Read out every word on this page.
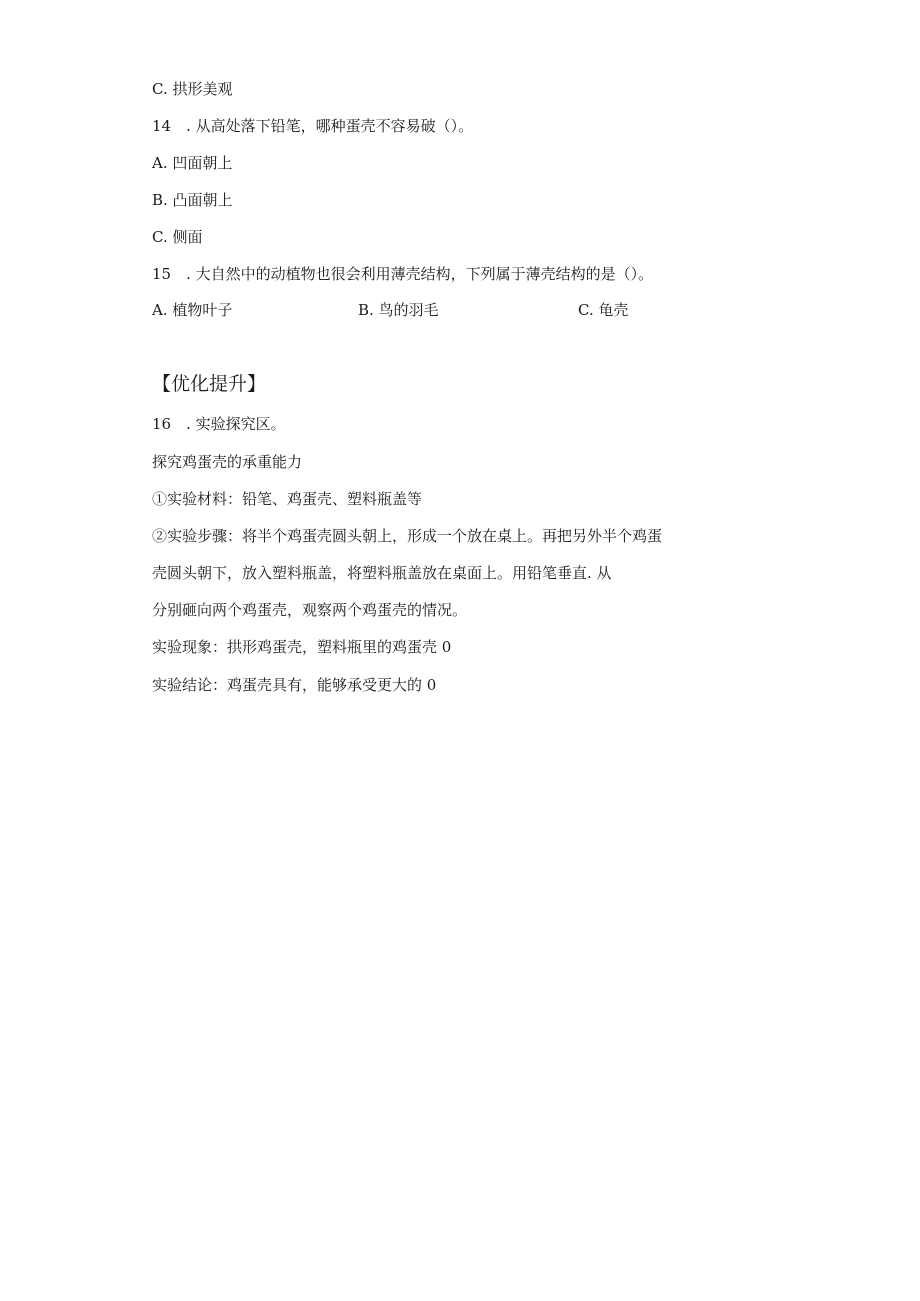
C. 拱形美观
14　. 从高处落下铅笔，哪种蛋壳不容易破（）。
A. 凹面朝上
B. 凸面朝上
C. 侧面
15　. 大自然中的动植物也很会利用薄壳结构，下列属于薄壳结构的是（）。
A. 植物叶子	B. 鸟的羽毛	C. 龟壳
【优化提升】
16　. 实验探究区。
探究鸡蛋壳的承重能力
①实验材料：铅笔、鸡蛋壳、塑料瓶盖等
②实验步骤：将半个鸡蛋壳圆头朝上，形成一个放在桌上。再把另外半个鸡蛋
壳圆头朝下，放入塑料瓶盖，将塑料瓶盖放在桌面上。用铅笔垂直. 从
分别砸向两个鸡蛋壳，观察两个鸡蛋壳的情况。
实验现象：拱形鸡蛋壳，塑料瓶里的鸡蛋壳 0
实验结论：鸡蛋壳具有，能够承受更大的 0
